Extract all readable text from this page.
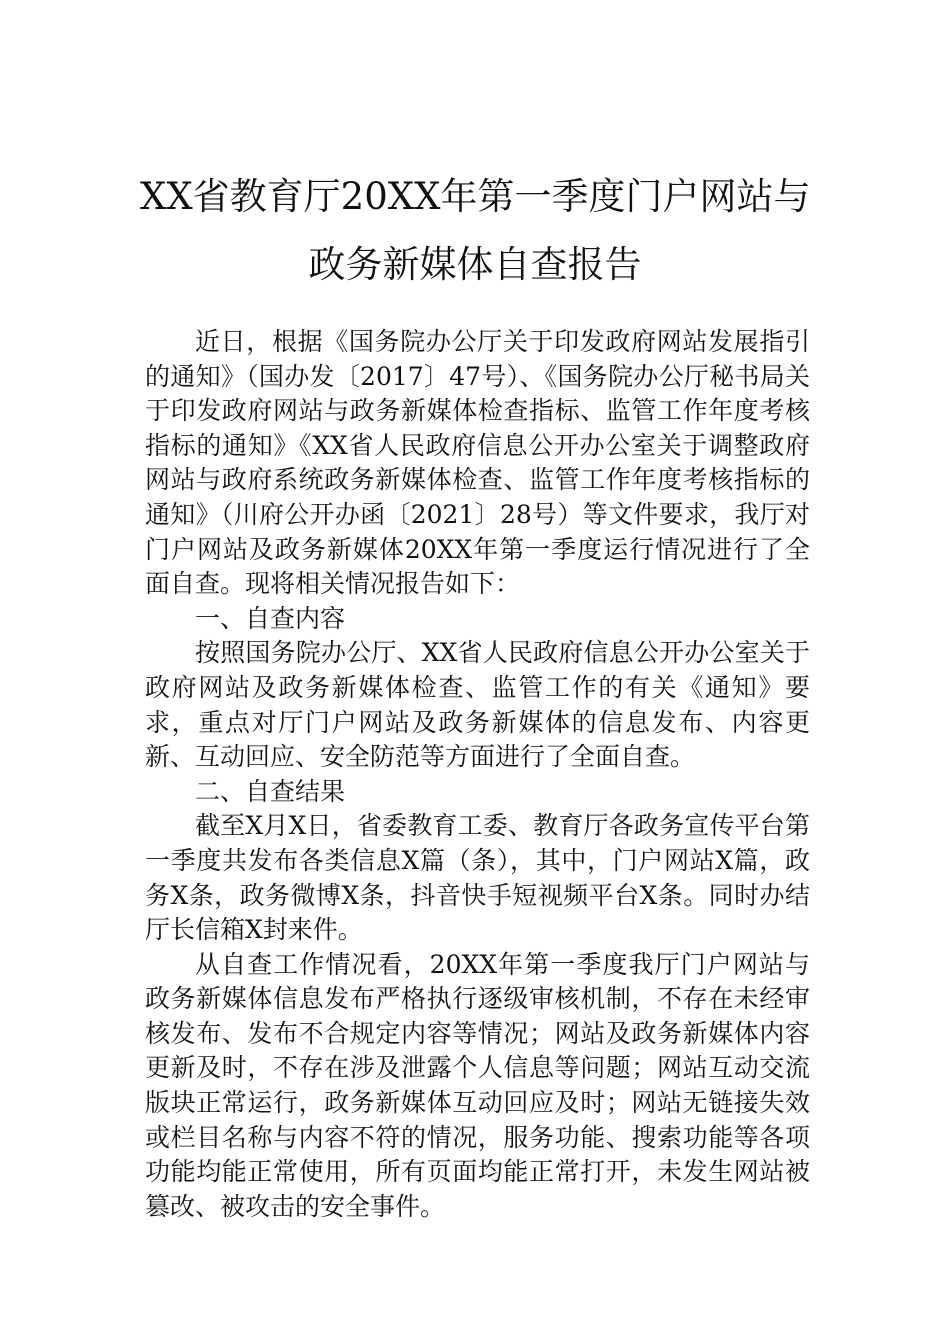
XX省教育厅20XX年第一季度门户网站与
政务新媒体自查报告

近日，根据《国务院办公厅关于印发政府网站发展指引的通知》（国办发〔2017〕47号）、《国务院办公厅秘书局关于印发政府网站与政务新媒体检查指标、监管工作年度考核指标的通知》《XX省人民政府信息公开办公室关于调整政府网站与政府系统政务新媒体检查、监管工作年度考核指标的通知》（川府公开办函〔2021〕28号）等文件要求，我厅对门户网站及政务新媒体20XX年第一季度运行情况进行了全面自查。现将相关情况报告如下：

一、自查内容

按照国务院办公厅、XX省人民政府信息公开办公室关于政府网站及政务新媒体检查、监管工作的有关《通知》要求，重点对厅门户网站及政务新媒体的信息发布、内容更新、互动回应、安全防范等方面进行了全面自查。

二、自查结果

截至X月X日，省委教育工委、教育厅各政务宣传平台第一季度共发布各类信息X篇（条），其中，门户网站X篇，政务X条，政务微博X条，抖音快手短视频平台X条。同时办结厅长信箱X封来件。

从自查工作情况看，20XX年第一季度我厅门户网站与政务新媒体信息发布严格执行逐级审核机制，不存在未经审核发布、发布不合规定内容等情况；网站及政务新媒体内容更新及时，不存在涉及泄露个人信息等问题；网站互动交流版块正常运行，政务新媒体互动回应及时；网站无链接失效或栏目名称与内容不符的情况，服务功能、搜索功能等各项功能均能正常使用，所有页面均能正常打开，未发生网站被篡改、被攻击的安全事件。
